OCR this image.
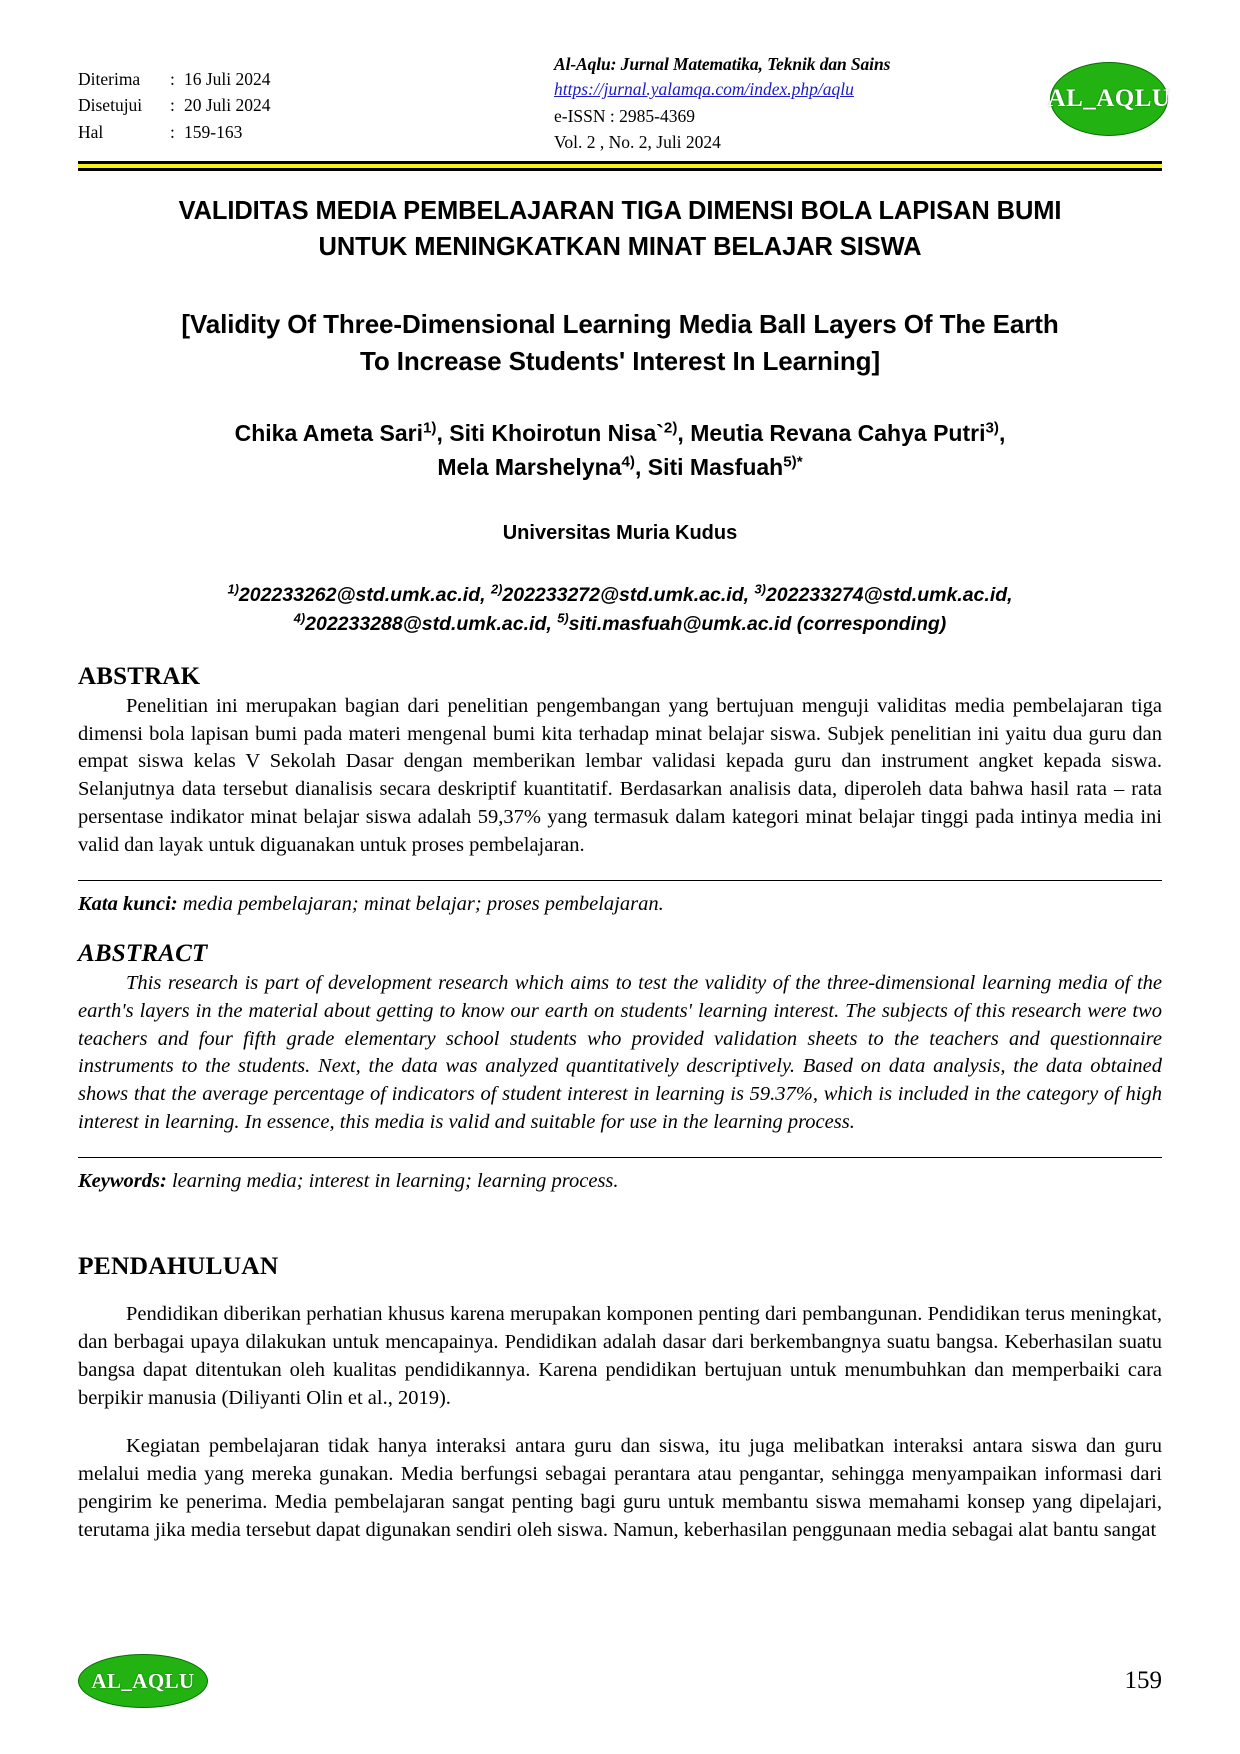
Diterima	: 16 Juli 2024
Disetujui	: 20 Juli 2024
Hal	: 159-163
Al-Aqlu: Jurnal Matematika, Teknik dan Sains
https://jurnal.yalamqa.com/index.php/aqlu
e-ISSN : 2985-4369
Vol. 2 , No. 2, Juli 2024
AL_AQLU
VALIDITAS MEDIA PEMBELAJARAN TIGA DIMENSI BOLA LAPISAN BUMI
UNTUK MENINGKATKAN MINAT BELAJAR SISWA
[Validity Of Three-Dimensional Learning Media Ball Layers Of The Earth
To Increase Students' Interest In Learning]
Chika Ameta Sari$^{1)}$, Siti Khoirotun Nisa`$^{2)}$, Meutia Revana Cahya Putri$^{3)}$,
Mela Marshelyna$^{4)}$, Siti Masfuah$^{5)*}$
Universitas Muria Kudus
$^{1)}$202233262@std.umk.ac.id, $^{2)}$202233272@std.umk.ac.id, $^{3)}$202233274@std.umk.ac.id,
$^{4)}$202233288@std.umk.ac.id, $^{5)}$siti.masfuah@umk.ac.id (corresponding)
ABSTRAK

Penelitian ini merupakan bagian dari penelitian pengembangan yang bertujuan menguji validitas media pembelajaran tiga dimensi bola lapisan bumi pada materi mengenal bumi kita terhadap minat belajar siswa. Subjek penelitian ini yaitu dua guru dan empat siswa kelas V Sekolah Dasar dengan memberikan lembar validasi kepada guru dan instrument angket kepada siswa. Selanjutnya data tersebut dianalisis secara deskriptif kuantitatif. Berdasarkan analisis data, diperoleh data bahwa hasil rata – rata persentase indikator minat belajar siswa adalah 59,37% yang termasuk dalam kategori minat belajar tinggi pada intinya media ini valid dan layak untuk diguanakan untuk proses pembelajaran.

Kata kunci: media pembelajaran; minat belajar; proses pembelajaran.
ABSTRACT

This research is part of development research which aims to test the validity of the three-dimensional learning media of the earth's layers in the material about getting to know our earth on students' learning interest. The subjects of this research were two teachers and four fifth grade elementary school students who provided validation sheets to the teachers and questionnaire instruments to the students. Next, the data was analyzed quantitatively descriptively. Based on data analysis, the data obtained shows that the average percentage of indicators of student interest in learning is 59.37%, which is included in the category of high interest in learning. In essence, this media is valid and suitable for use in the learning process.

Keywords: learning media; interest in learning; learning process.
PENDAHULUAN

Pendidikan diberikan perhatian khusus karena merupakan komponen penting dari pembangunan. Pendidikan terus meningkat, dan berbagai upaya dilakukan untuk mencapainya. Pendidikan adalah dasar dari berkembangnya suatu bangsa. Keberhasilan suatu bangsa dapat ditentukan oleh kualitas pendidikannya. Karena pendidikan bertujuan untuk menumbuhkan dan memperbaiki cara berpikir manusia (Diliyanti Olin et al., 2019).

Kegiatan pembelajaran tidak hanya interaksi antara guru dan siswa, itu juga melibatkan interaksi antara siswa dan guru melalui media yang mereka gunakan. Media berfungsi sebagai perantara atau pengantar, sehingga menyampaikan informasi dari pengirim ke penerima. Media pembelajaran sangat penting bagi guru untuk membantu siswa memahami konsep yang dipelajari, terutama jika media tersebut dapat digunakan sendiri oleh siswa. Namun, keberhasilan penggunaan media sebagai alat bantu sangat

AL_AQLU	159
